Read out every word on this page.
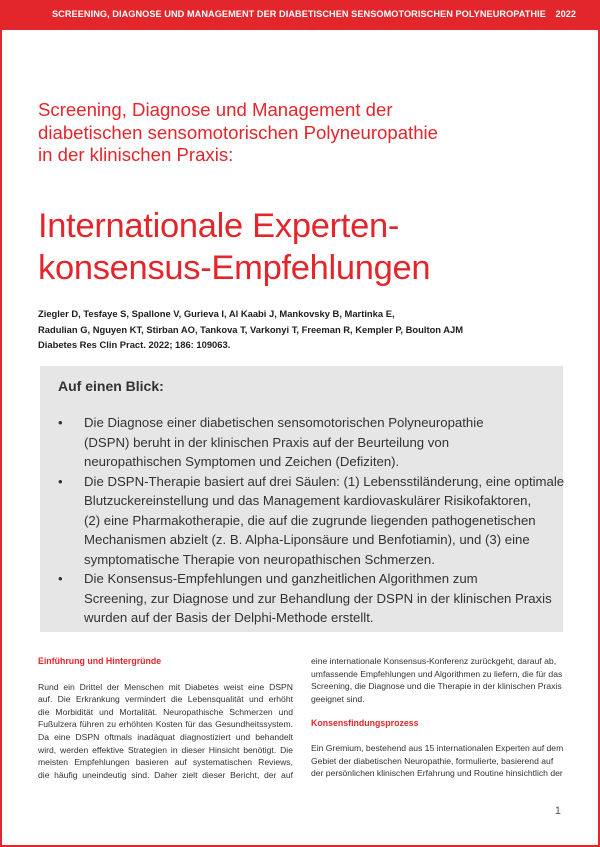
SCREENING, DIAGNOSE UND MANAGEMENT DER DIABETISCHEN SENSOMOTORISCHEN POLYNEUROPATHIE 2022
Screening, Diagnose und Management der
diabetischen sensomotorischen Polyneuropathie
in der klinischen Praxis:
Internationale Experten-
konsensus-Empfehlungen
Ziegler D, Tesfaye S, Spallone V, Gurieva I, Al Kaabi J, Mankovsky B, Martinka E,
Radulian G, Nguyen KT, Stirban AO, Tankova T, Varkonyi T, Freeman R, Kempler P, Boulton AJM
Diabetes Res Clin Pract. 2022; 186: 109063.
Auf einen Blick:
• Die Diagnose einer diabetischen sensomotorischen Polyneuropathie
(DSPN) beruht in der klinischen Praxis auf der Beurteilung von
neuropathischen Symptomen und Zeichen (Defiziten).
• Die DSPN-Therapie basiert auf drei Säulen: (1) Lebensstiländerung, eine optimale
Blutzuckereinstellung und das Management kardiovaskulärer Risikofaktoren,
(2) eine Pharmakotherapie, die auf die zugrunde liegenden pathogenetischen
Mechanismen abzielt (z. B. Alpha-Liponsäure und Benfotiamin), und (3) eine
symptomatische Therapie von neuropathischen Schmerzen.
• Die Konsensus-Empfehlungen und ganzheitlichen Algorithmen zum
Screening, zur Diagnose und zur Behandlung der DSPN in der klinischen Praxis
wurden auf der Basis der Delphi-Methode erstellt.
Einführung und Hintergründe
Rund ein Drittel der Menschen mit Diabetes weist eine DSPN
auf. Die Erkrankung vermindert die Lebensqualität und erhöht
die Morbidität und Mortalität. Neuropathische Schmerzen und
Fußulzera führen zu erhöhten Kosten für das Gesundheitssystem.
Da eine DSPN oftmals inadäquat diagnostiziert und behandelt
wird, werden effektive Strategien in dieser Hinsicht benötigt. Die
meisten Empfehlungen basieren auf systematischen Reviews,
die häufig uneindeutig sind. Daher zielt dieser Bericht, der auf
eine internationale Konsensus-Konferenz zurückgeht, darauf ab,
umfassende Empfehlungen und Algorithmen zu liefern, die für das
Screening, die Diagnose und die Therapie in der klinischen Praxis
geeignet sind.
Konsensfindungsprozess
Ein Gremium, bestehend aus 15 internationalen Experten auf dem
Gebiet der diabetischen Neuropathie, formulierte, basierend auf
der persönlichen klinischen Erfahrung und Routine hinsichtlich der
1
